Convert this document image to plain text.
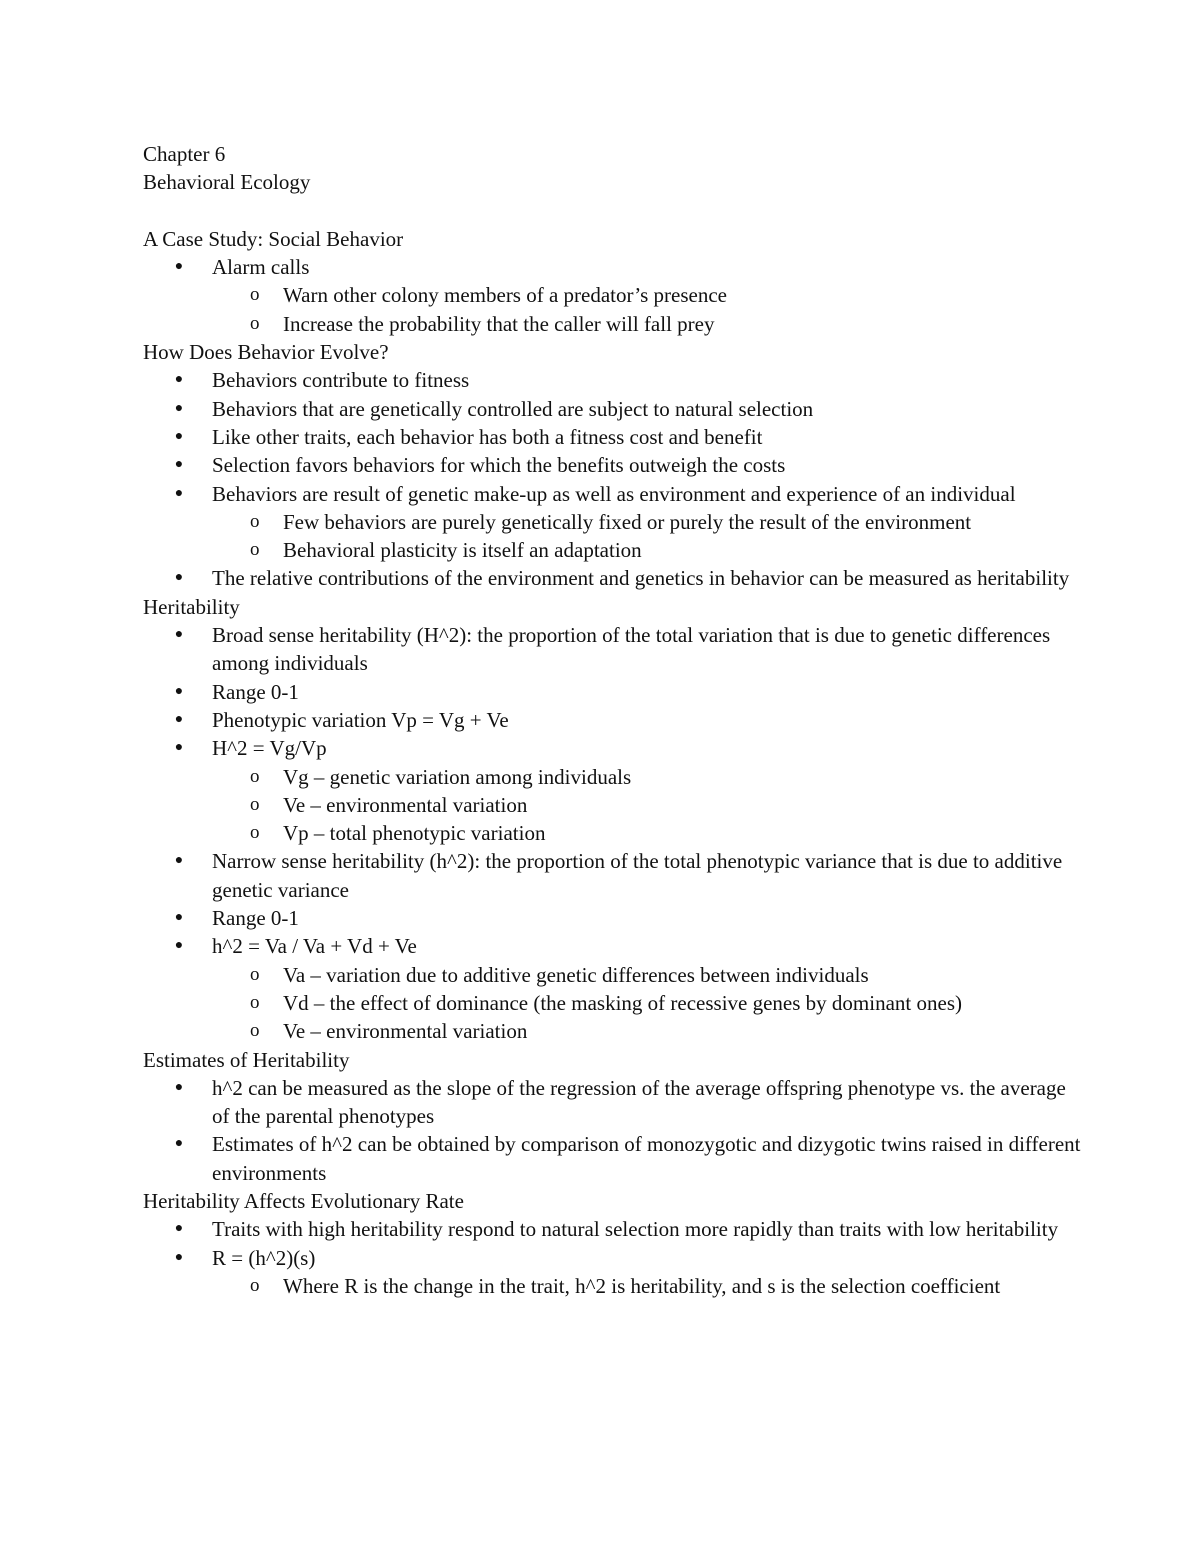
Chapter 6

Behavioral Ecology

A Case Study: Social Behavior

● Alarm calls
o Warn other colony members of a predator’s presence
o Increase the probability that the caller will fall prey

How Does Behavior Evolve?

● Behaviors contribute to fitness
● Behaviors that are genetically controlled are subject to natural selection
● Like other traits, each behavior has both a fitness cost and benefit
● Selection favors behaviors for which the benefits outweigh the costs
● Behaviors are result of genetic make-up as well as environment and experience of an individual
o Few behaviors are purely genetically fixed or purely the result of the environment
o Behavioral plasticity is itself an adaptation
● The relative contributions of the environment and genetics in behavior can be measured as heritability

Heritability

● Broad sense heritability (H^2): the proportion of the total variation that is due to genetic differences among individuals
● Range 0-1
● Phenotypic variation Vp = Vg + Ve
● H^2 = Vg/Vp
o Vg – genetic variation among individuals
o Ve – environmental variation
o Vp – total phenotypic variation
● Narrow sense heritability (h^2): the proportion of the total phenotypic variance that is due to additive genetic variance
● Range 0-1
● h^2 = Va / Va + Vd + Ve
o Va – variation due to additive genetic differences between individuals
o Vd – the effect of dominance (the masking of recessive genes by dominant ones)
o Ve – environmental variation

Estimates of Heritability

● h^2 can be measured as the slope of the regression of the average offspring phenotype vs. the average of the parental phenotypes
● Estimates of h^2 can be obtained by comparison of monozygotic and dizygotic twins raised in different environments

Heritability Affects Evolutionary Rate

● Traits with high heritability respond to natural selection more rapidly than traits with low heritability
● R = (h^2)(s)
o Where R is the change in the trait, h^2 is heritability, and s is the selection coefficient
